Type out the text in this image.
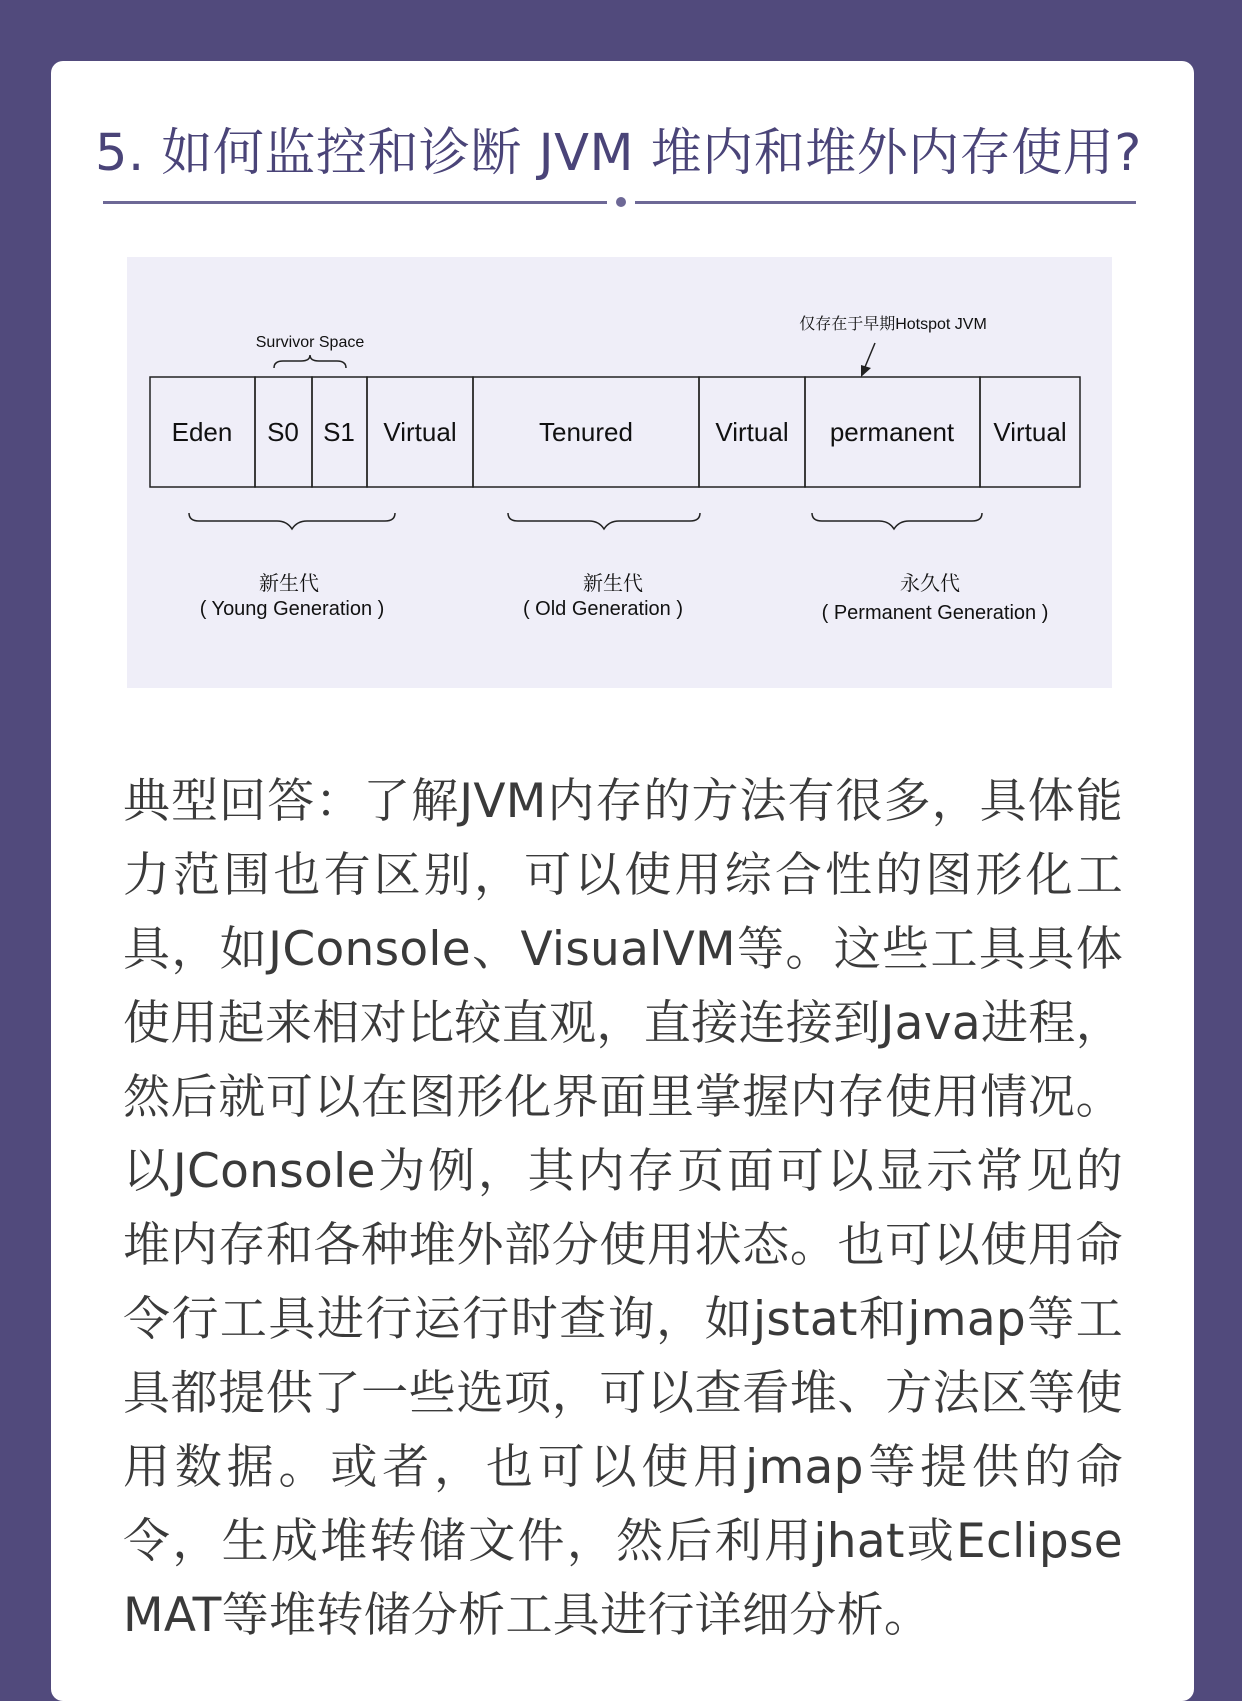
5. 如何监控和诊断 JVM 堆内和堆外内存使用?
Survivor Space
仅存在于早期Hotspot JVM
Eden S0 S1 Virtual	Tenured	Virtual permanent Virtual
新生代
( Young Generation )
新生代
( Old Generation )
永久代
( Permanent Generation )
典型回答：了解JVM内存的方法有很多，具体能力范围也有区别，可以使用综合性的图形化工具，如JConsole、VisualVM等。这些工具具体使用起来相对比较直观，直接连接到Java进程，然后就可以在图形化界面里掌握内存使用情况。以JConsole为例，其内存页面可以显示常见的堆内存和各种堆外部分使用状态。也可以使用命令行工具进行运行时查询，如jstat和jmap等工具都提供了一些选项，可以查看堆、方法区等使用数据。或者，也可以使用jmap等提供的命令，生成堆转储文件，然后利用jhat或Eclipse MAT等堆转储分析工具进行详细分析。
